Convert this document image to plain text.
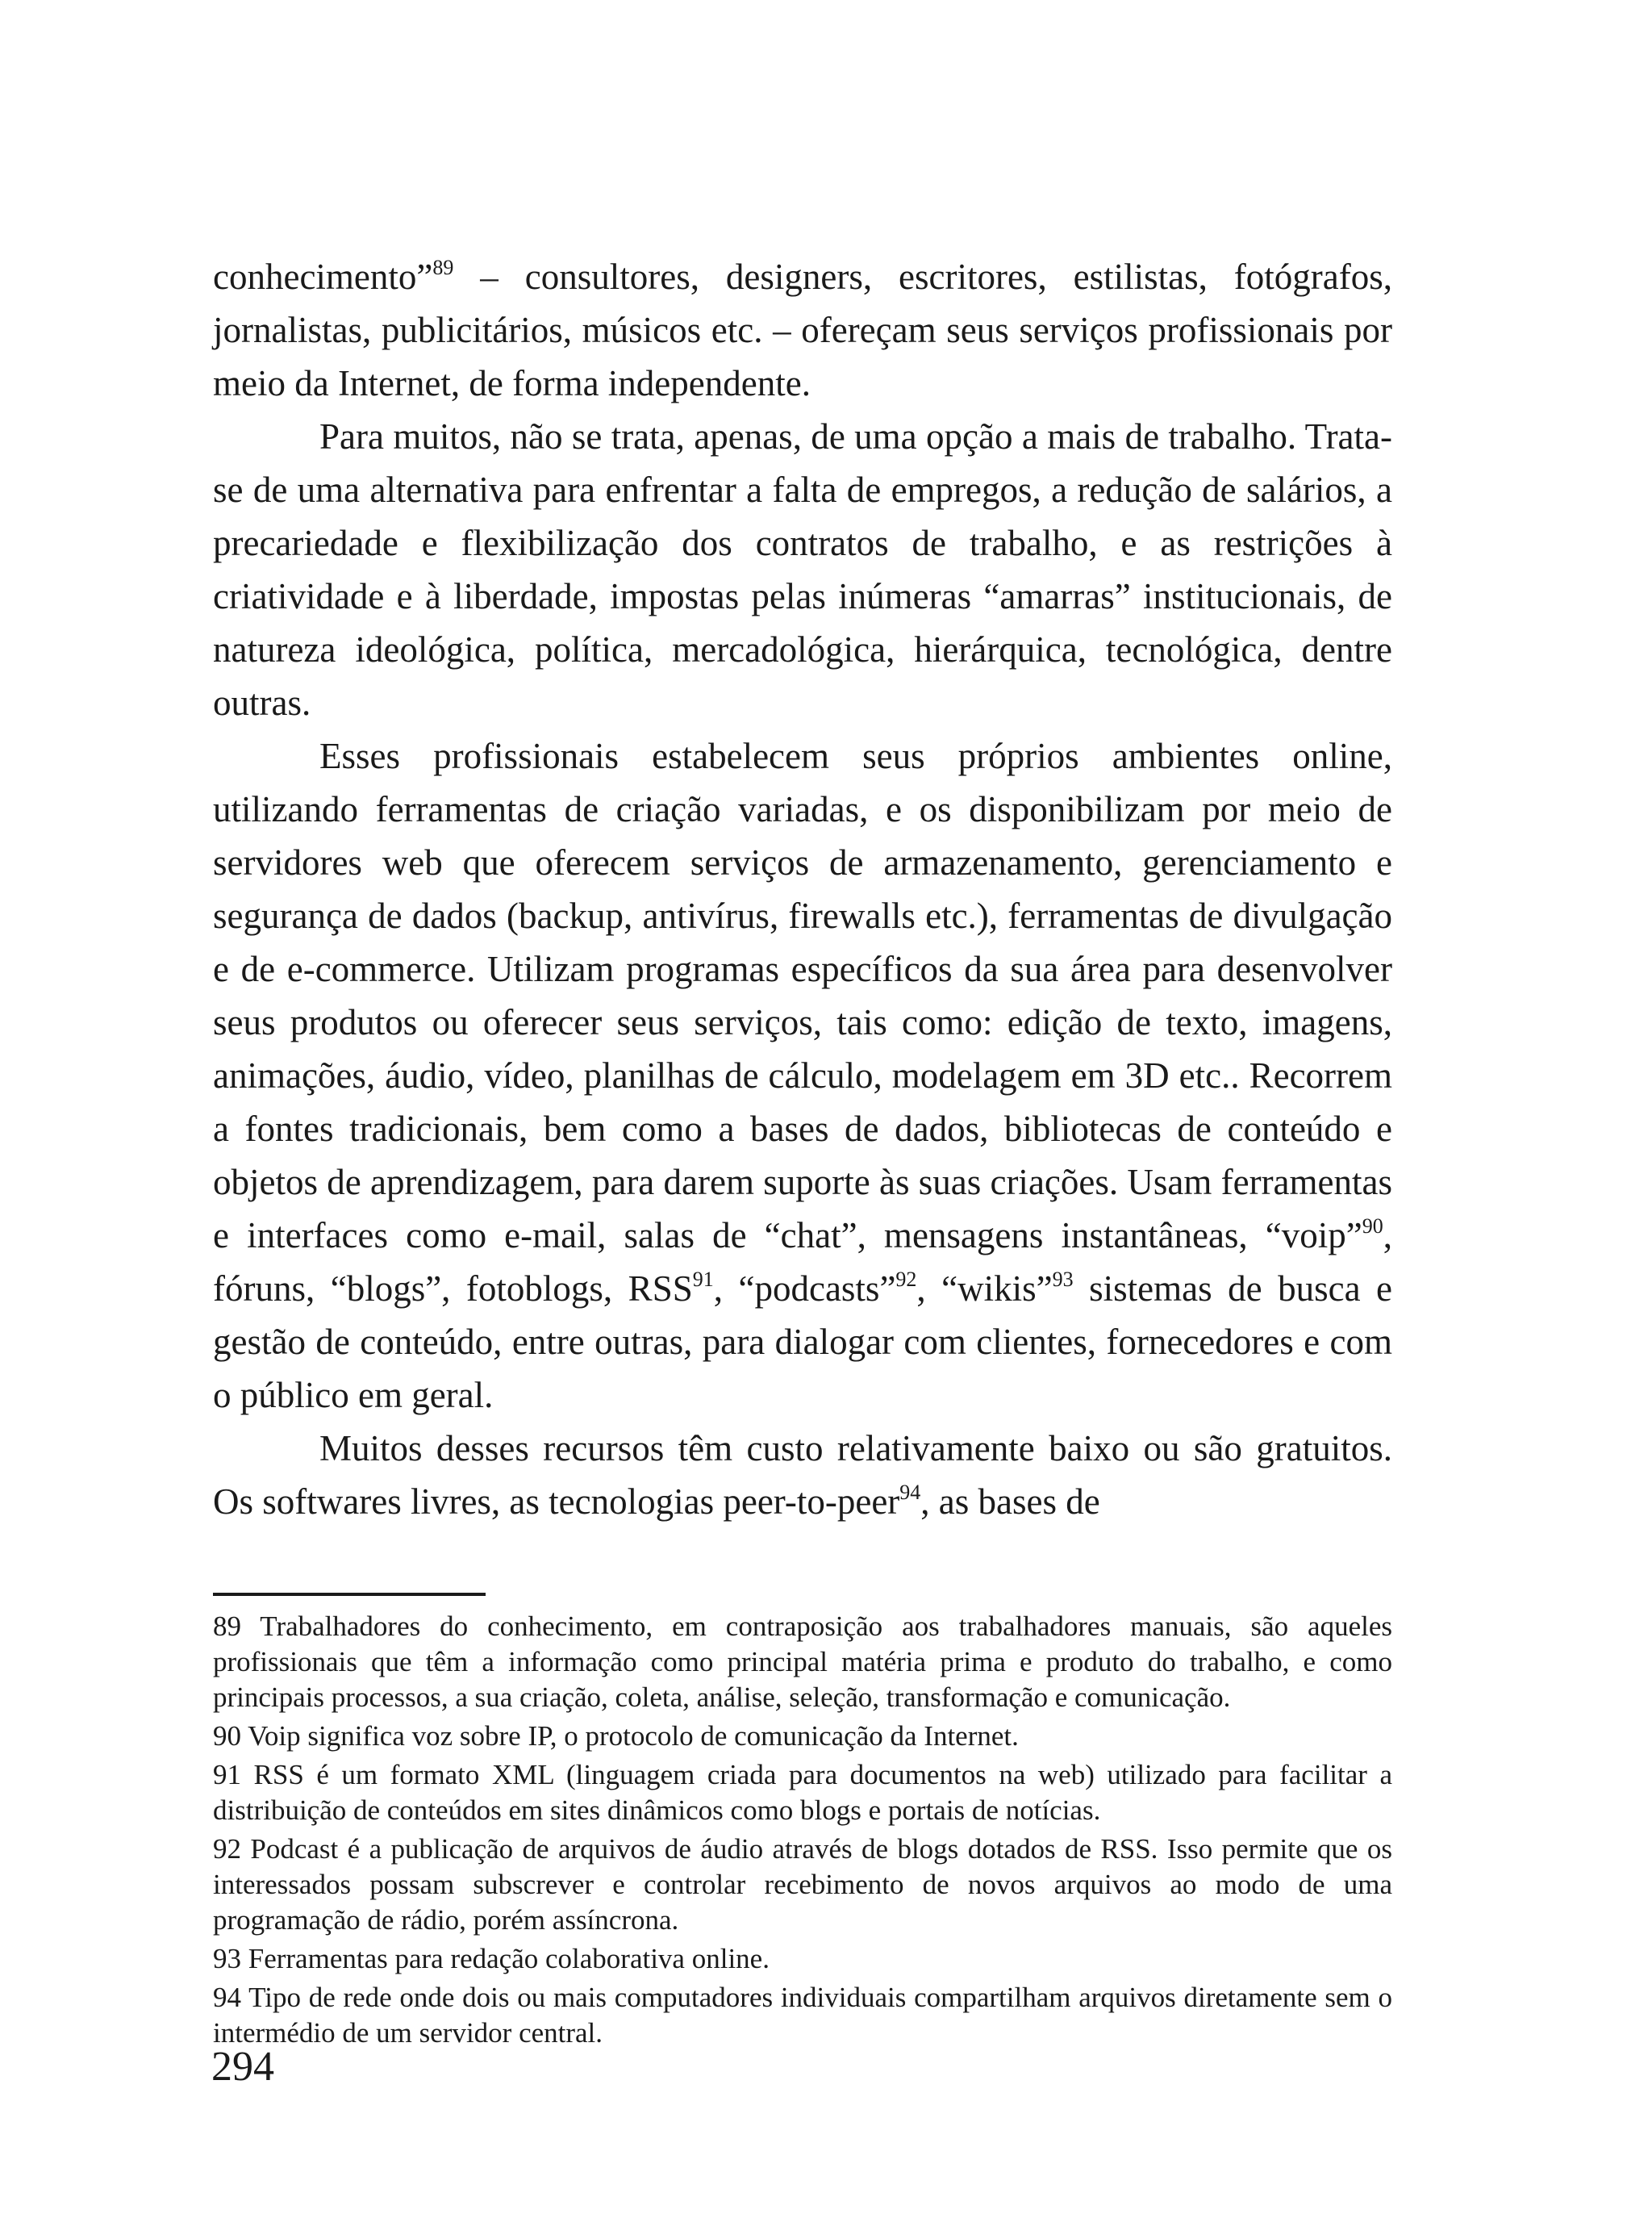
conhecimento”$^{89}$ – consultores, designers, escritores, estilistas, fotógrafos, jornalistas, publicitários, músicos etc. – ofereçam seus serviços profissionais por meio da Internet, de forma independente.

Para muitos, não se trata, apenas, de uma opção a mais de trabalho. Trata-se de uma alternativa para enfrentar a falta de empregos, a redução de salários, a precariedade e flexibilização dos contratos de trabalho, e as restrições à criatividade e à liberdade, impostas pelas inúmeras “amarras” institucionais, de natureza ideológica, política, mercadológica, hierárquica, tecnológica, dentre outras.

Esses profissionais estabelecem seus próprios ambientes online, utilizando ferramentas de criação variadas, e os disponibilizam por meio de servidores web que oferecem serviços de armazenamento, gerenciamento e segurança de dados (backup, antivírus, firewalls etc.), ferramentas de divulgação e de e-commerce. Utilizam programas específicos da sua área para desenvolver seus produtos ou oferecer seus serviços, tais como: edição de texto, imagens, animações, áudio, vídeo, planilhas de cálculo, modelagem em 3D etc.. Recorrem a fontes tradicionais, bem como a bases de dados, bibliotecas de conteúdo e objetos de aprendizagem, para darem suporte às suas criações. Usam ferramentas e interfaces como e-mail, salas de “chat”, mensagens instantâneas, “voip”$^{90}$, fóruns, “blogs”, fotoblogs, RSS$^{91}$, “podcasts”$^{92}$, “wikis”$^{93}$ sistemas de busca e gestão de conteúdo, entre outras, para dialogar com clientes, fornecedores e com o público em geral.

Muitos desses recursos têm custo relativamente baixo ou são gratuitos. Os softwares livres, as tecnologias peer-to-peer$^{94}$, as bases de

89 Trabalhadores do conhecimento, em contraposição aos trabalhadores manuais, são aqueles profissionais que têm a informação como principal matéria prima e produto do trabalho, e como principais processos, a sua criação, coleta, análise, seleção, transformação e comunicação.

90 Voip significa voz sobre IP, o protocolo de comunicação da Internet.

91 RSS é um formato XML (linguagem criada para documentos na web) utilizado para facilitar a distribuição de conteúdos em sites dinâmicos como blogs e portais de notícias.

92 Podcast é a publicação de arquivos de áudio através de blogs dotados de RSS. Isso permite que os interessados possam subscrever e controlar recebimento de novos arquivos ao modo de uma programação de rádio, porém assíncrona.

93 Ferramentas para redação colaborativa online.

94 Tipo de rede onde dois ou mais computadores individuais compartilham arquivos diretamente sem o intermédio de um servidor central.

294
